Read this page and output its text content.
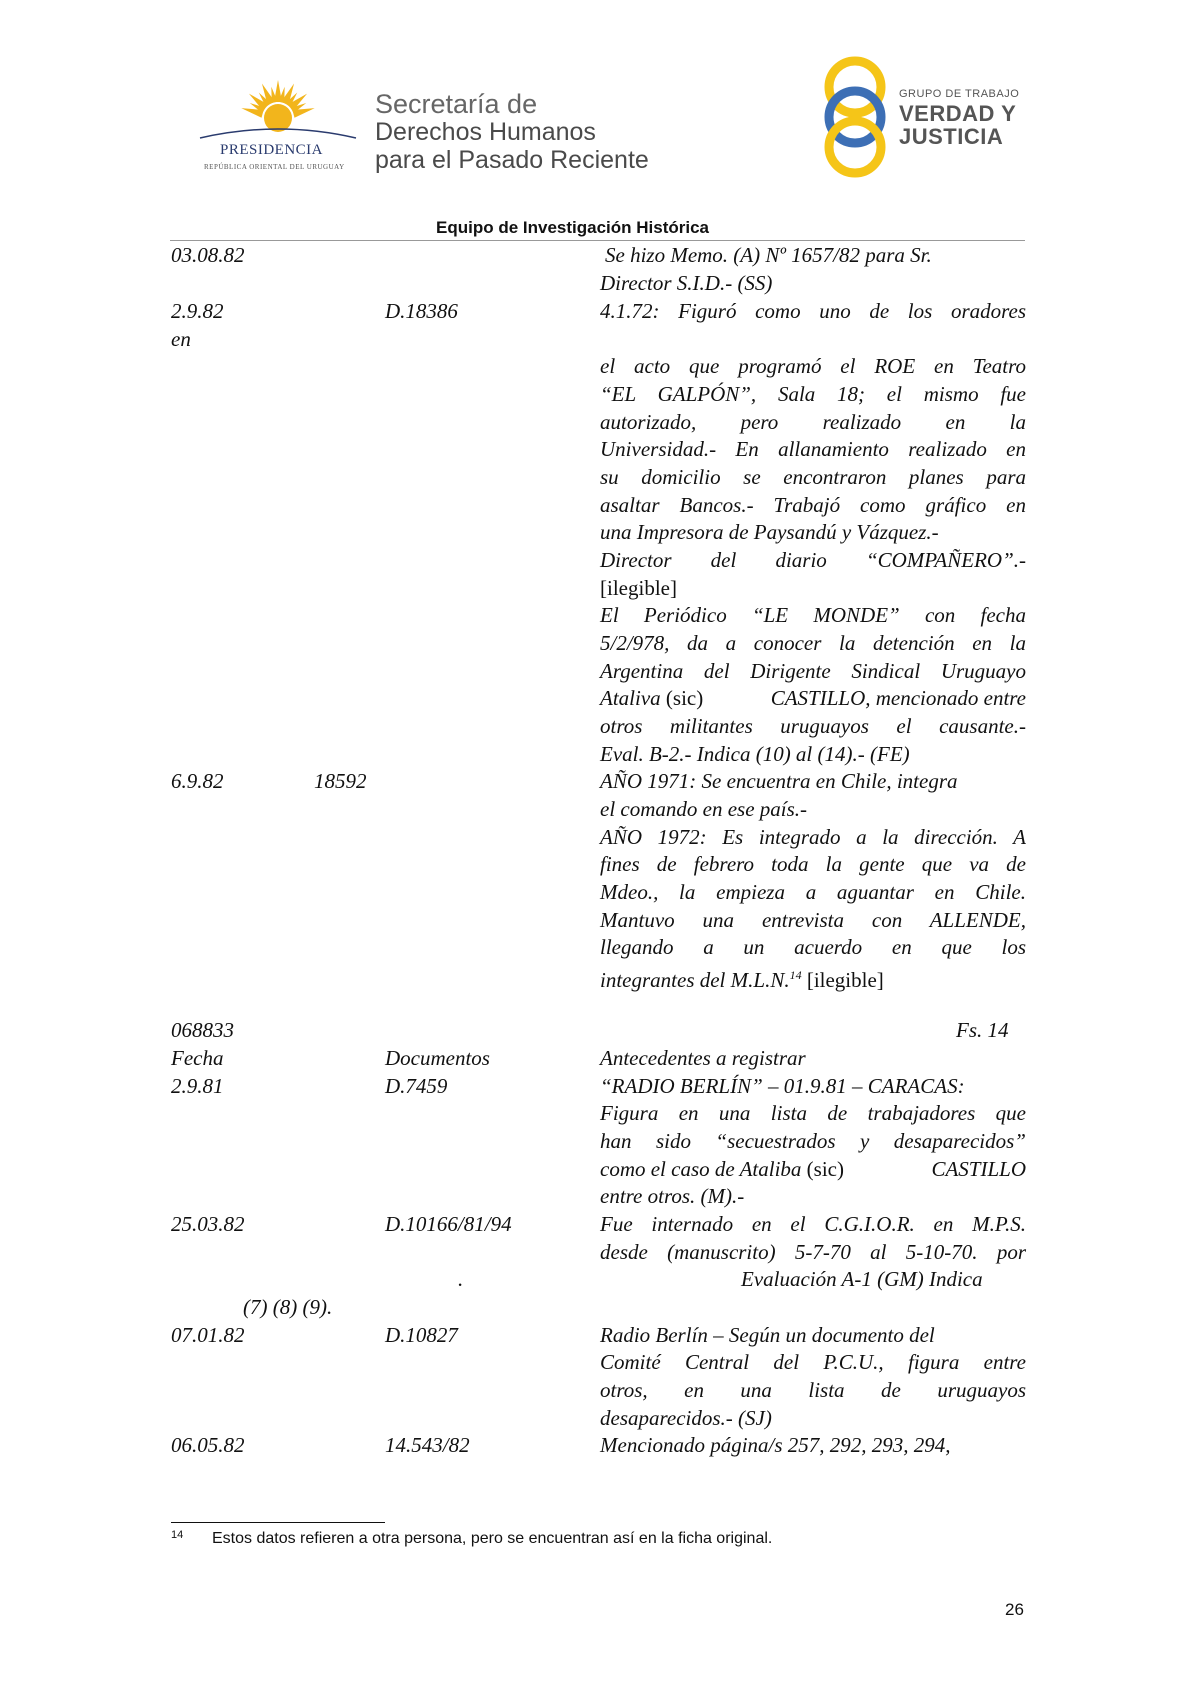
PRESIDENCIA
REPÚBLICA ORIENTAL DEL URUGUAY
Secretaría de
Derechos Humanos
para el Pasado Reciente
GRUPO DE TRABAJO
VERDAD Y
JUSTICIA
Equipo de Investigación Histórica
03.08.82	Se hizo Memo. (A) Nº 1657/82 para Sr.
Director S.I.D.- (SS)
2.9.82	D.18386	4.1.72: Figuró como uno de los oradores
en
el acto que programó el ROE en Teatro
“EL GALPÓN”, Sala 18; el mismo fue
autorizado, pero realizado en la
Universidad.- En allanamiento realizado en
su domicilio se encontraron planes para
asaltar Bancos.- Trabajó como gráfico en
una Impresora de Paysandú y Vázquez.-
Director del diario “COMPAÑERO”.-
[ilegible]
El Periódico “LE MONDE” con fecha
5/2/978, da a conocer la detención en la
Argentina del Dirigente Sindical Uruguayo
Ataliva (sic)	CASTILLO, mencionado entre
otros militantes uruguayos el causante.-
Eval. B-2.- Indica (10) al (14).- (FE)
6.9.82	18592	AÑO 1971: Se encuentra en Chile, integra
el comando en ese país.-
AÑO 1972: Es integrado a la dirección. A
fines de febrero toda la gente que va de
Mdeo., la empieza a aguantar en Chile.
Mantuvo una entrevista con ALLENDE,
llegando a un acuerdo en que los
integrantes del M.L.N.$^{14}$ [ilegible]
068833	Fs. 14
Fecha	Documentos	Antecedentes a registrar
2.9.81	D.7459	“RADIO BERLÍN” – 01.9.81 – CARACAS:
Figura en una lista de trabajadores que
han sido “secuestrados y desaparecidos”
como el caso de Ataliba (sic)	CASTILLO
entre otros. (M).-
25.03.82	D.10166/81/94	Fue internado en el C.G.I.O.R. en M.P.S.
desde (manuscrito) 5-7-70 al 5-10-70. por
.	Evaluación A-1 (GM) Indica
(7) (8) (9).
07.01.82	D.10827	Radio Berlín – Según un documento del
Comité Central del P.C.U., figura entre
otros, en una lista de uruguayos
desaparecidos.- (SJ)
06.05.82	14.543/82	Mencionado página/s 257, 292, 293, 294,
14 Estos datos refieren a otra persona, pero se encuentran así en la ficha original.
26
